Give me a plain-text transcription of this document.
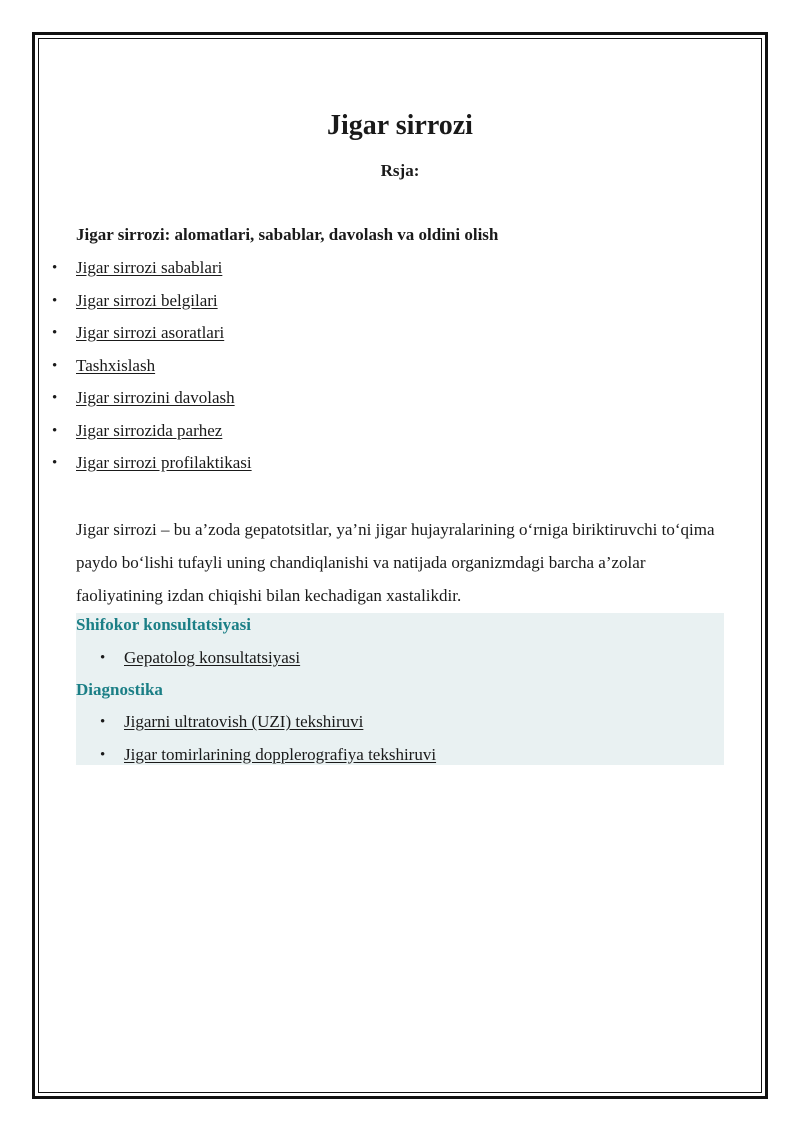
Jigar sirrozi

Rsja:

Jigar sirrozi: alomatlari, sabablar, davolash va oldini olish

• Jigar sirrozi sabablari
• Jigar sirrozi belgilari
• Jigar sirrozi asoratlari
• Tashxislash
• Jigar sirrozini davolash
• Jigar sirrozida parhez
• Jigar sirrozi profilaktikasi

Jigar sirrozi – bu a’zoda gepatotsitlar, ya’ni jigar hujayralarining o‘rniga biriktiruvchi to‘qima paydo bo‘lishi tufayli uning chandiqlanishi va natijada organizmdagi barcha a’zolar faoliyatining izdan chiqishi bilan kechadigan xastalikdir.

Shifokor konsultatsiyasi

• Gepatolog konsultatsiyasi

Diagnostika

• Jigarni ultratovish (UZI) tekshiruvi
• Jigar tomirlarining dopplerografiya tekshiruvi
